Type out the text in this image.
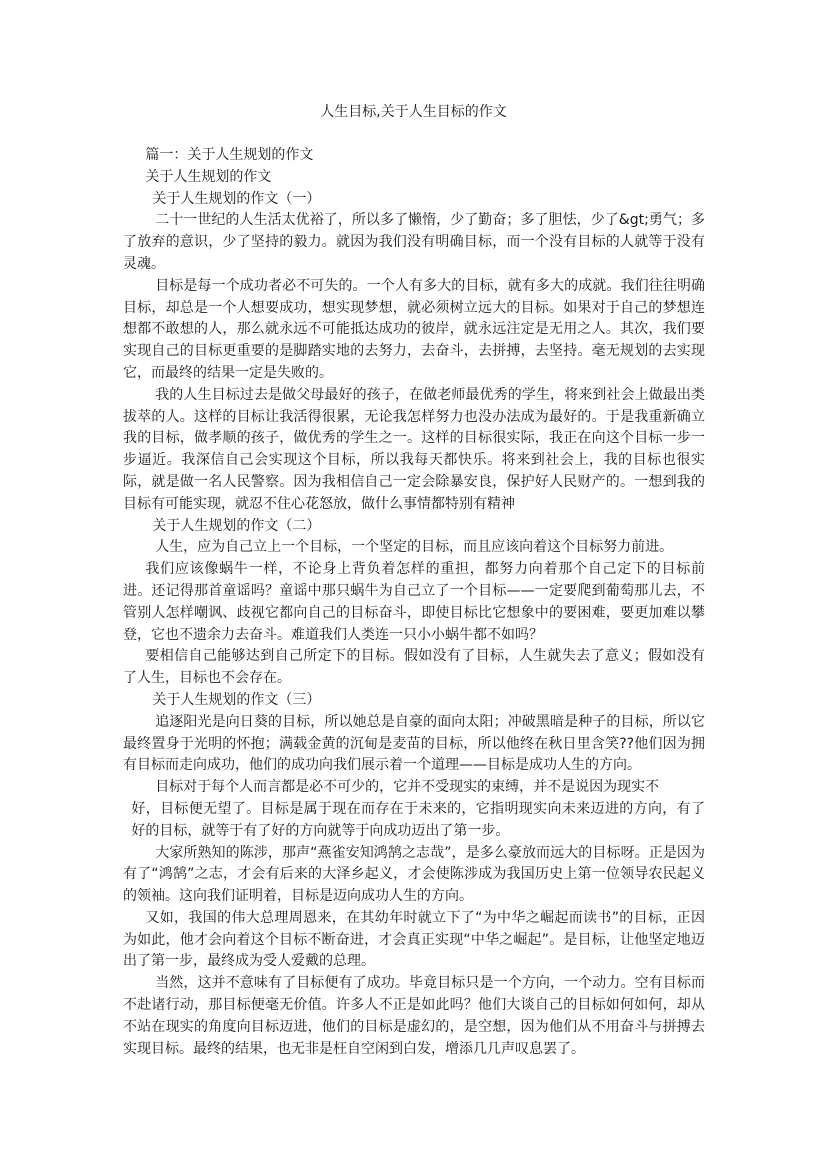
人生目标,关于人生目标的作文

篇一：关于人生规划的作文

关于人生规划的作文

关于人生规划的作文（一）

二十一世纪的人生活太优裕了，所以多了懒惰，少了勤奋；多了胆怯，少了&gt;勇气；多了放弃的意识，少了坚持的毅力。就因为我们没有明确目标，而一个没有目标的人就等于没有灵魂。

目标是每一个成功者必不可失的。一个人有多大的目标，就有多大的成就。我们往往明确目标，却总是一个人想要成功，想实现梦想，就必须树立远大的目标。如果对于自己的梦想连想都不敢想的人，那么就永远不可能抵达成功的彼岸，就永远注定是无用之人。其次，我们要实现自己的目标更重要的是脚踏实地的去努力，去奋斗，去拼搏，去坚持。毫无规划的去实现它，而最终的结果一定是失败的。

我的人生目标过去是做父母最好的孩子，在做老师最优秀的学生，将来到社会上做最出类拔萃的人。这样的目标让我活得很累，无论我怎样努力也没办法成为最好的。于是我重新确立我的目标，做孝顺的孩子，做优秀的学生之一。这样的目标很实际，我正在向这个目标一步一步逼近。我深信自己会实现这个目标，所以我每天都快乐。将来到社会上，我的目标也很实际，就是做一名人民警察。因为我相信自己一定会除暴安良，保护好人民财产的。一想到我的目标有可能实现，就忍不住心花怒放，做什么事情都特别有精神

关于人生规划的作文（二）

人生，应为自己立上一个目标，一个坚定的目标，而且应该向着这个目标努力前进。

我们应该像蜗牛一样，不论身上背负着怎样的重担，都努力向着那个自己定下的目标前进。还记得那首童谣吗？童谣中那只蜗牛为自己立了一个目标——一定要爬到葡萄那儿去，不管别人怎样嘲讽、歧视它都向自己的目标奋斗，即使目标比它想象中的要困难，要更加难以攀登，它也不遗余力去奋斗。难道我们人类连一只小小蜗牛都不如吗？

要相信自己能够达到自己所定下的目标。假如没有了目标，人生就失去了意义；假如没有了人生，目标也不会存在。

关于人生规划的作文（三）

追逐阳光是向日葵的目标，所以她总是自豪的面向太阳；冲破黑暗是种子的目标，所以它最终置身于光明的怀抱；满载金黄的沉甸是麦苗的目标，所以他终在秋日里含笑??他们因为拥有目标而走向成功，他们的成功向我们展示着一个道理——目标是成功人生的方向。

目标对于每个人而言都是必不可少的，它并不受现实的束缚，并不是说因为现实不

好，目标便无望了。目标是属于现在而存在于未来的，它指明现实向未来迈进的方向，有了好的目标，就等于有了好的方向就等于向成功迈出了第一步。

大家所熟知的陈涉，那声“燕雀安知鸿鹄之志哉”，是多么豪放而远大的目标呀。正是因为有了“鸿鹄”之志，才会有后来的大泽乡起义，才会使陈涉成为我国历史上第一位领导农民起义的领袖。这向我们证明着，目标是迈向成功人生的方向。

又如，我国的伟大总理周恩来，在其幼年时就立下了“为中华之崛起而读书”的目标，正因为如此，他才会向着这个目标不断奋进，才会真正实现“中华之崛起”。是目标，让他坚定地迈出了第一步，最终成为受人爱戴的总理。

当然，这并不意味有了目标便有了成功。毕竟目标只是一个方向，一个动力。空有目标而不赴诸行动，那目标便毫无价值。许多人不正是如此吗？他们大谈自己的目标如何如何，却从不站在现实的角度向目标迈进，他们的目标是虚幻的，是空想，因为他们从不用奋斗与拼搏去实现目标。最终的结果，也无非是枉自空闲到白发，增添几几声叹息罢了。
